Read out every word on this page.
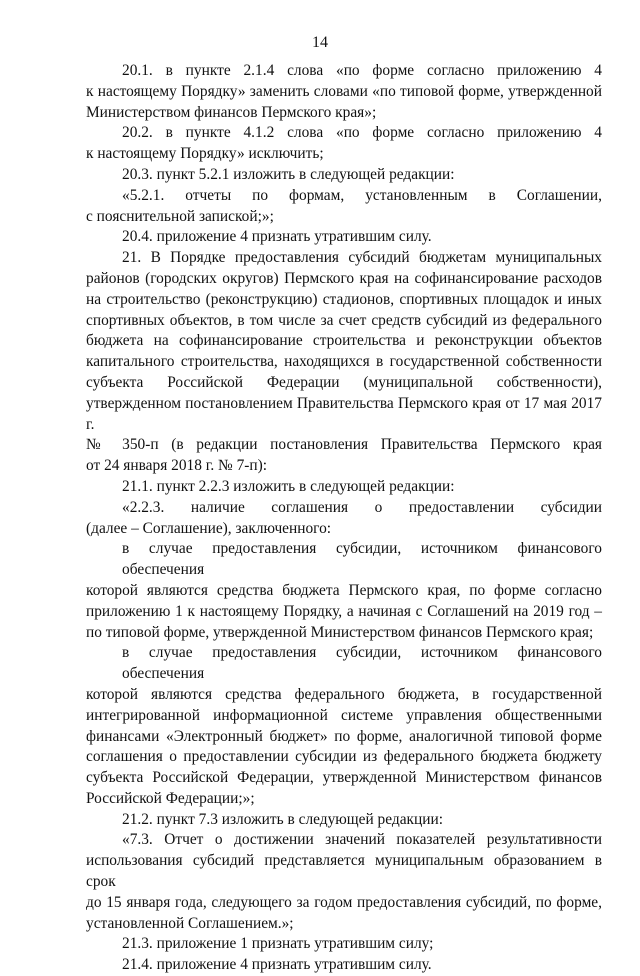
14
20.1. в пункте 2.1.4 слова «по форме согласно приложению 4
к настоящему Порядку» заменить словами «по типовой форме, утвержденной
Министерством финансов Пермского края»;
20.2. в пункте 4.1.2 слова «по форме согласно приложению 4
к настоящему Порядку» исключить;
20.3. пункт 5.2.1 изложить в следующей редакции:
«5.2.1. отчеты по формам, установленным в Соглашении,
с пояснительной запиской;»;
20.4. приложение 4 признать утратившим силу.
21. В Порядке предоставления субсидий бюджетам муниципальных
районов (городских округов) Пермского края на софинансирование расходов
на строительство (реконструкцию) стадионов, спортивных площадок и иных
спортивных объектов, в том числе за счет средств субсидий из федерального
бюджета на софинансирование строительства и реконструкции объектов
капитального строительства, находящихся в государственной собственности
субъекта Российской Федерации (муниципальной собственности),
утвержденном постановлением Правительства Пермского края от 17 мая 2017 г.
№ 350-п (в редакции постановления Правительства Пермского края
от 24 января 2018 г. № 7-п):
21.1. пункт 2.2.3 изложить в следующей редакции:
«2.2.3. наличие соглашения о предоставлении субсидии
(далее – Соглашение), заключенного:
в случае предоставления субсидии, источником финансового обеспечения
которой являются средства бюджета Пермского края, по форме согласно
приложению 1 к настоящему Порядку, а начиная с Соглашений на 2019 год –
по типовой форме, утвержденной Министерством финансов Пермского края;
в случае предоставления субсидии, источником финансового обеспечения
которой являются средства федерального бюджета, в государственной
интегрированной информационной системе управления общественными
финансами «Электронный бюджет» по форме, аналогичной типовой форме
соглашения о предоставлении субсидии из федерального бюджета бюджету
субъекта Российской Федерации, утвержденной Министерством финансов
Российской Федерации;»;
21.2. пункт 7.3 изложить в следующей редакции:
«7.3. Отчет о достижении значений показателей результативности
использования субсидий представляется муниципальным образованием в срок
до 15 января года, следующего за годом предоставления субсидий, по форме,
установленной Соглашением.»;
21.3. приложение 1 признать утратившим силу;
21.4. приложение 4 признать утратившим силу.
